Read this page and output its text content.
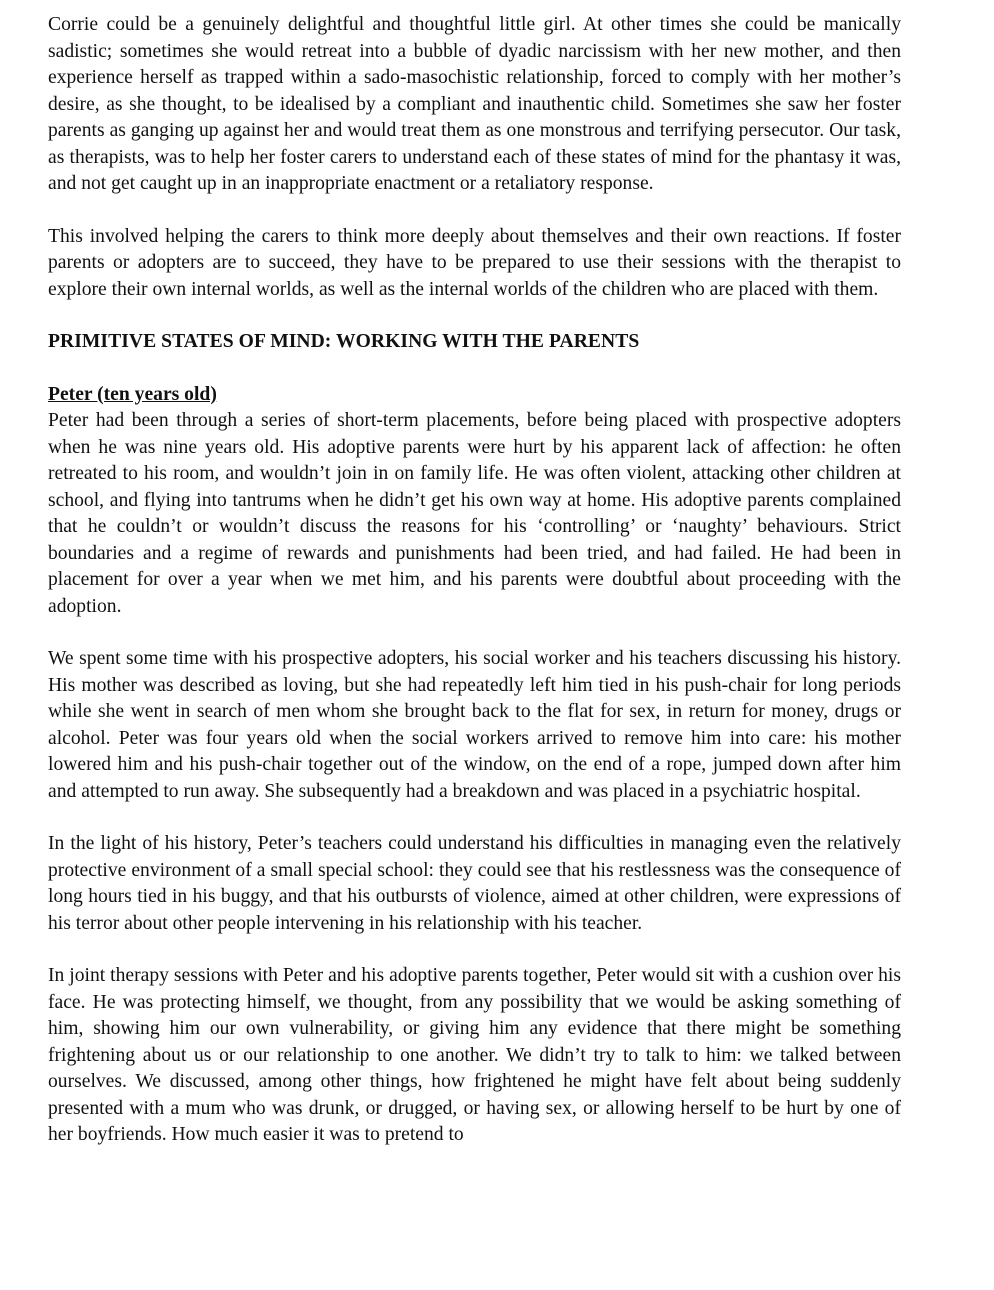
Corrie could be a genuinely delightful and thoughtful little girl. At other times she could be manically sadistic; sometimes she would retreat into a bubble of dyadic narcissism with her new mother, and then experience herself as trapped within a sado-masochistic relationship, forced to comply with her mother’s desire, as she thought, to be idealised by a compliant and inauthentic child. Sometimes she saw her foster parents as ganging up against her and would treat them as one monstrous and terrifying persecutor. Our task, as therapists, was to help her foster carers to understand each of these states of mind for the phantasy it was, and not get caught up in an inappropriate enactment or a retaliatory response.

This involved helping the carers to think more deeply about themselves and their own reactions. If foster parents or adopters are to succeed, they have to be prepared to use their sessions with the therapist to explore their own internal worlds, as well as the internal worlds of the children who are placed with them.

PRIMITIVE STATES OF MIND: WORKING WITH THE PARENTS
Peter (ten years old)

Peter had been through a series of short-term placements, before being placed with prospective adopters when he was nine years old. His adoptive parents were hurt by his apparent lack of affection: he often retreated to his room, and wouldn’t join in on family life. He was often violent, attacking other children at school, and flying into tantrums when he didn’t get his own way at home. His adoptive parents complained that he couldn’t or wouldn’t discuss the reasons for his ‘controlling’ or ‘naughty’ behaviours. Strict boundaries and a regime of rewards and punishments had been tried, and had failed. He had been in placement for over a year when we met him, and his parents were doubtful about proceeding with the adoption.

We spent some time with his prospective adopters, his social worker and his teachers discussing his history. His mother was described as loving, but she had repeatedly left him tied in his push-chair for long periods while she went in search of men whom she brought back to the flat for sex, in return for money, drugs or alcohol. Peter was four years old when the social workers arrived to remove him into care: his mother lowered him and his push-chair together out of the window, on the end of a rope, jumped down after him and attempted to run away. She subsequently had a breakdown and was placed in a psychiatric hospital.

In the light of his history, Peter’s teachers could understand his difficulties in managing even the relatively protective environment of a small special school: they could see that his restlessness was the consequence of long hours tied in his buggy, and that his outbursts of violence, aimed at other children, were expressions of his terror about other people intervening in his relationship with his teacher.

In joint therapy sessions with Peter and his adoptive parents together, Peter would sit with a cushion over his face. He was protecting himself, we thought, from any possibility that we would be asking something of him, showing him our own vulnerability, or giving him any evidence that there might be something frightening about us or our relationship to one another. We didn’t try to talk to him: we talked between ourselves. We discussed, among other things, how frightened he might have felt about being suddenly presented with a mum who was drunk, or drugged, or having sex, or allowing herself to be hurt by one of her boyfriends. How much easier it was to pretend to
